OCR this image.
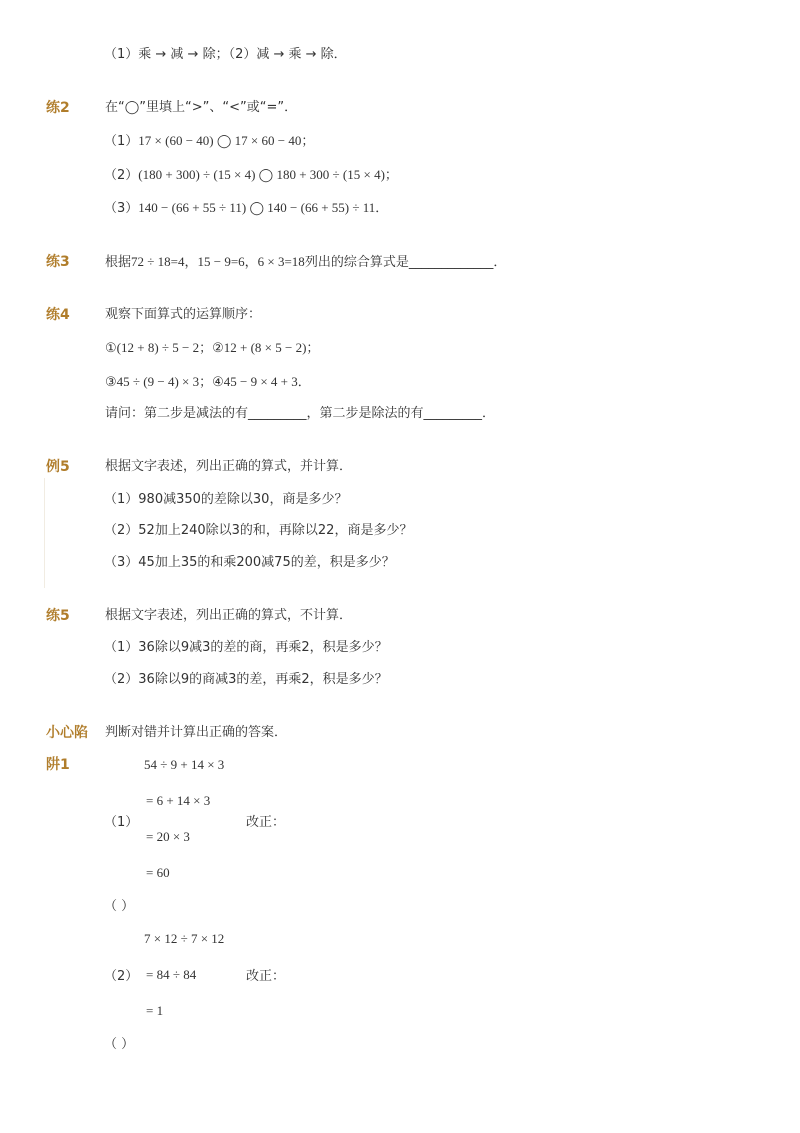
（1）乘 → 减 → 除；（2）减 → 乘 → 除．
练2	在“◯”里填上“>”、“<”或“=”．
（1）17 × (60 − 40) ◯ 17 × 60 − 40；
（2）(180 + 300) ÷ (15 × 4) ◯ 180 + 300 ÷ (15 × 4)；
（3）140 − (66 + 55 ÷ 11) ◯ 140 − (66 + 55) ÷ 11．
练3	根据72 ÷ 18=4，15 − 9=6，6 × 3=18列出的综合算式是_____________．
练4	观察下面算式的运算顺序：
①(12 + 8) ÷ 5 − 2；②12 + (8 × 5 − 2)；
③45 ÷ (9 − 4) × 3；④45 − 9 × 4 + 3．
请问：第二步是减法的有_________，第二步是除法的有_________．
例5	根据文字表述，列出正确的算式，并计算．
（1）980减350的差除以30，商是多少？
（2）52加上240除以3的和，再除以22，商是多少？
（3）45加上35的和乘200减75的差，积是多少？
练5	根据文字表述，列出正确的算式，不计算．
（1）36除以9减3的差的商，再乘2，积是多少？
（2）36除以9的商减3的差，再乘2，积是多少？
小心陷
阱1
判断对错并计算出正确的答案．
54 ÷ 9 + 14 × 3
= 6 + 14 × 3
（1）
= 20 × 3
改正：
= 60
（ ）
7 × 12 ÷ 7 × 12
（2） = 84 ÷ 84	改正：
= 1
（ ）
